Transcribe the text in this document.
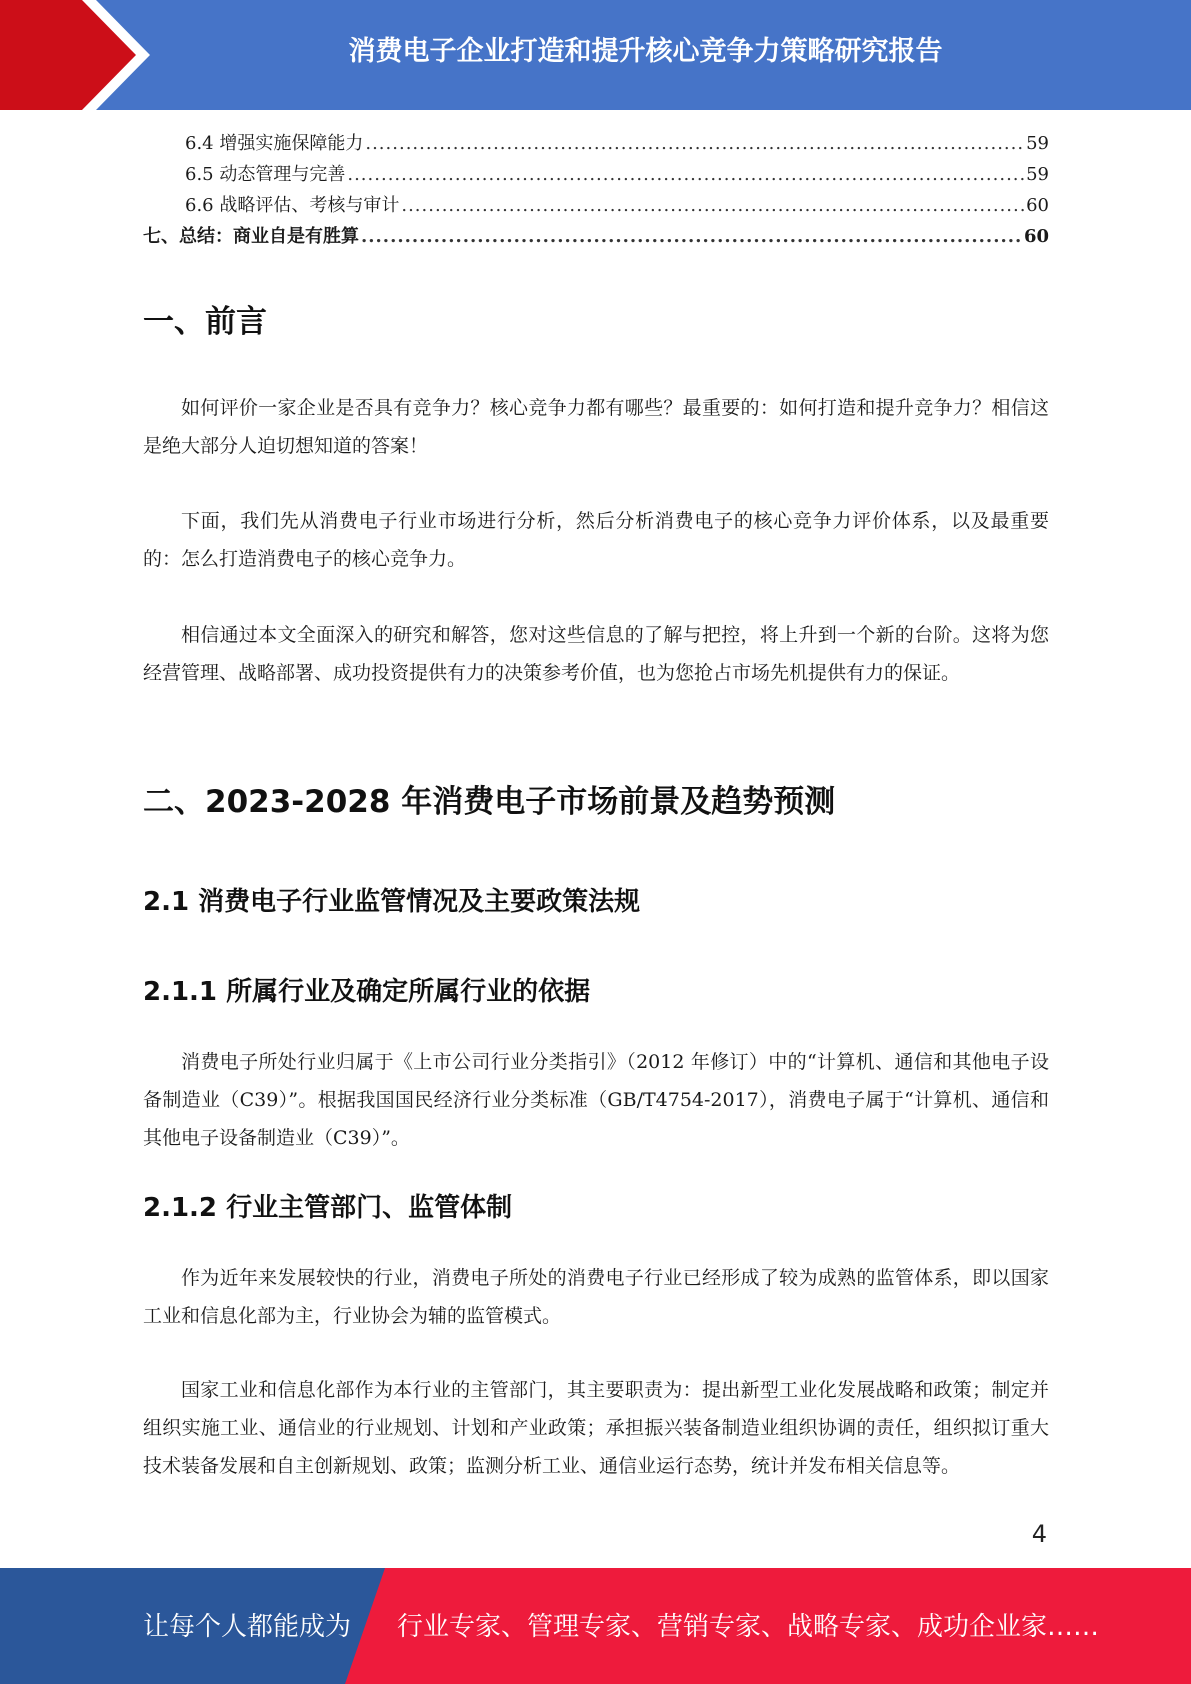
消费电子企业打造和提升核心竞争力策略研究报告
6.4 增强实施保障能力 .....	59
6.5 动态管理与完善 .....	59
6.6 战略评估、考核与审计 .....	60
七、总结：商业自是有胜算 .....	60
一、前言

如何评价一家企业是否具有竞争力？核心竞争力都有哪些？最重要的：如何打造和提升竞争力？相信这是绝大部分人迫切想知道的答案！

下面，我们先从消费电子行业市场进行分析，然后分析消费电子的核心竞争力评价体系，以及最重要的：怎么打造消费电子的核心竞争力。

相信通过本文全面深入的研究和解答，您对这些信息的了解与把控，将上升到一个新的台阶。这将为您经营管理、战略部署、成功投资提供有力的决策参考价值，也为您抢占市场先机提供有力的保证。

二、2023-2028 年消费电子市场前景及趋势预测
2.1 消费电子行业监管情况及主要政策法规
2.1.1 所属行业及确定所属行业的依据

消费电子所处行业归属于《上市公司行业分类指引》（2012 年修订）中的“计算机、通信和其他电子设备制造业（C39）”。根据我国国民经济行业分类标准（GB/T4754-2017），消费电子属于“计算机、通信和其他电子设备制造业（C39）”。

2.1.2 行业主管部门、监管体制

作为近年来发展较快的行业，消费电子所处的消费电子行业已经形成了较为成熟的监管体系，即以国家工业和信息化部为主，行业协会为辅的监管模式。

国家工业和信息化部作为本行业的主管部门，其主要职责为：提出新型工业化发展战略和政策；制定并组织实施工业、通信业的行业规划、计划和产业政策；承担振兴装备制造业组织协调的责任，组织拟订重大技术装备发展和自主创新规划、政策；监测分析工业、通信业运行态势，统计并发布相关信息等。

4
让每个人都能成为 行业专家、管理专家、营销专家、战略专家、成功企业家……
